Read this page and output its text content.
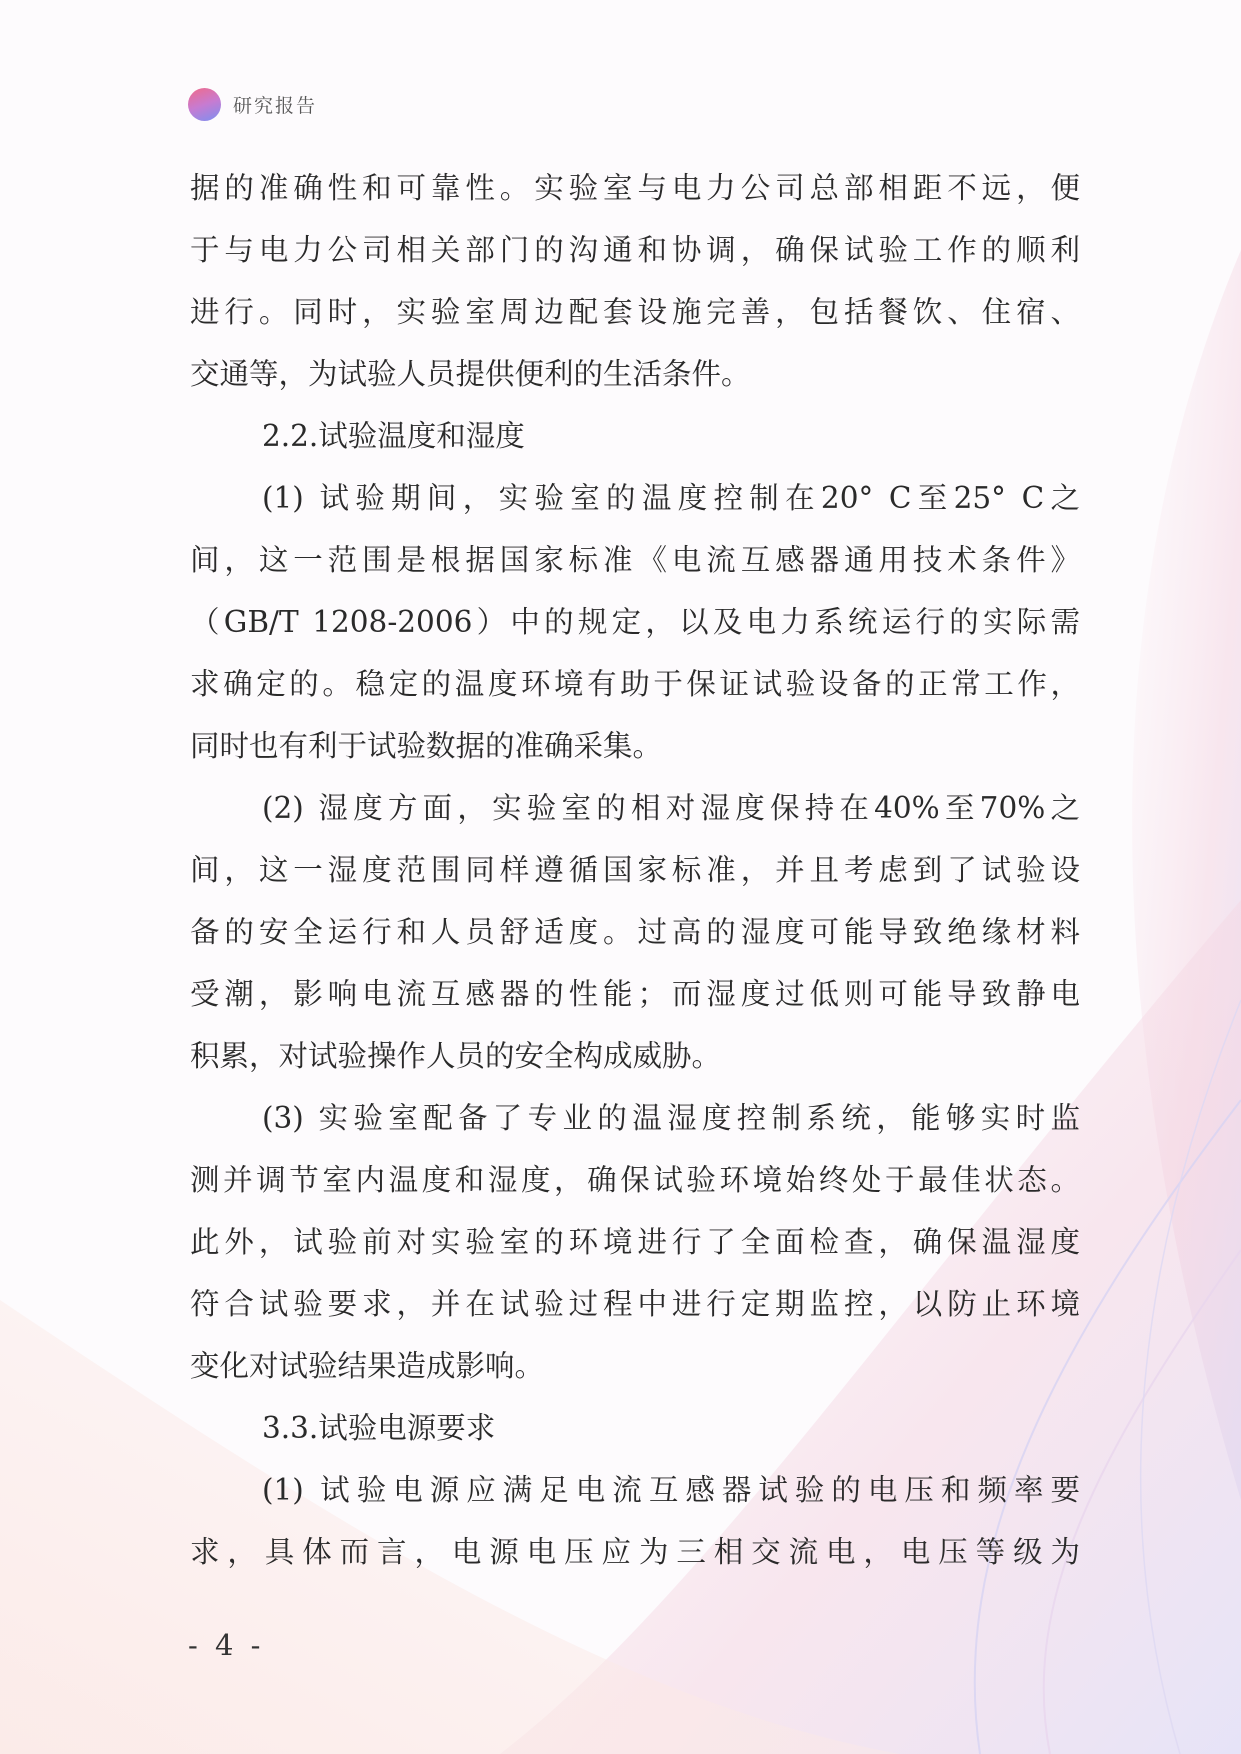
研究报告
据的准确性和可靠性。实验室与电力公司总部相距不远，便
于与电力公司相关部门的沟通和协调，确保试验工作的顺利
进行。同时，实验室周边配套设施完善，包括餐饮、住宿、
交通等，为试验人员提供便利的生活条件。
2.2.试验温度和湿度
(1) 试验期间，实验室的温度控制在20° C至25° C之
间，这一范围是根据国家标准《电流互感器通用技术条件》
（GB/T 1208-2006）中的规定，以及电力系统运行的实际需
求确定的。稳定的温度环境有助于保证试验设备的正常工作，
同时也有利于试验数据的准确采集。
(2) 湿度方面，实验室的相对湿度保持在40%至70%之
间，这一湿度范围同样遵循国家标准，并且考虑到了试验设
备的安全运行和人员舒适度。过高的湿度可能导致绝缘材料
受潮，影响电流互感器的性能；而湿度过低则可能导致静电
积累，对试验操作人员的安全构成威胁。
(3) 实验室配备了专业的温湿度控制系统，能够实时监
测并调节室内温度和湿度，确保试验环境始终处于最佳状态。
此外，试验前对实验室的环境进行了全面检查，确保温湿度
符合试验要求，并在试验过程中进行定期监控，以防止环境
变化对试验结果造成影响。
3.3.试验电源要求
(1) 试验电源应满足电流互感器试验的电压和频率要
求，具体而言，电源电压应为三相交流电，电压等级为
- 4 -
